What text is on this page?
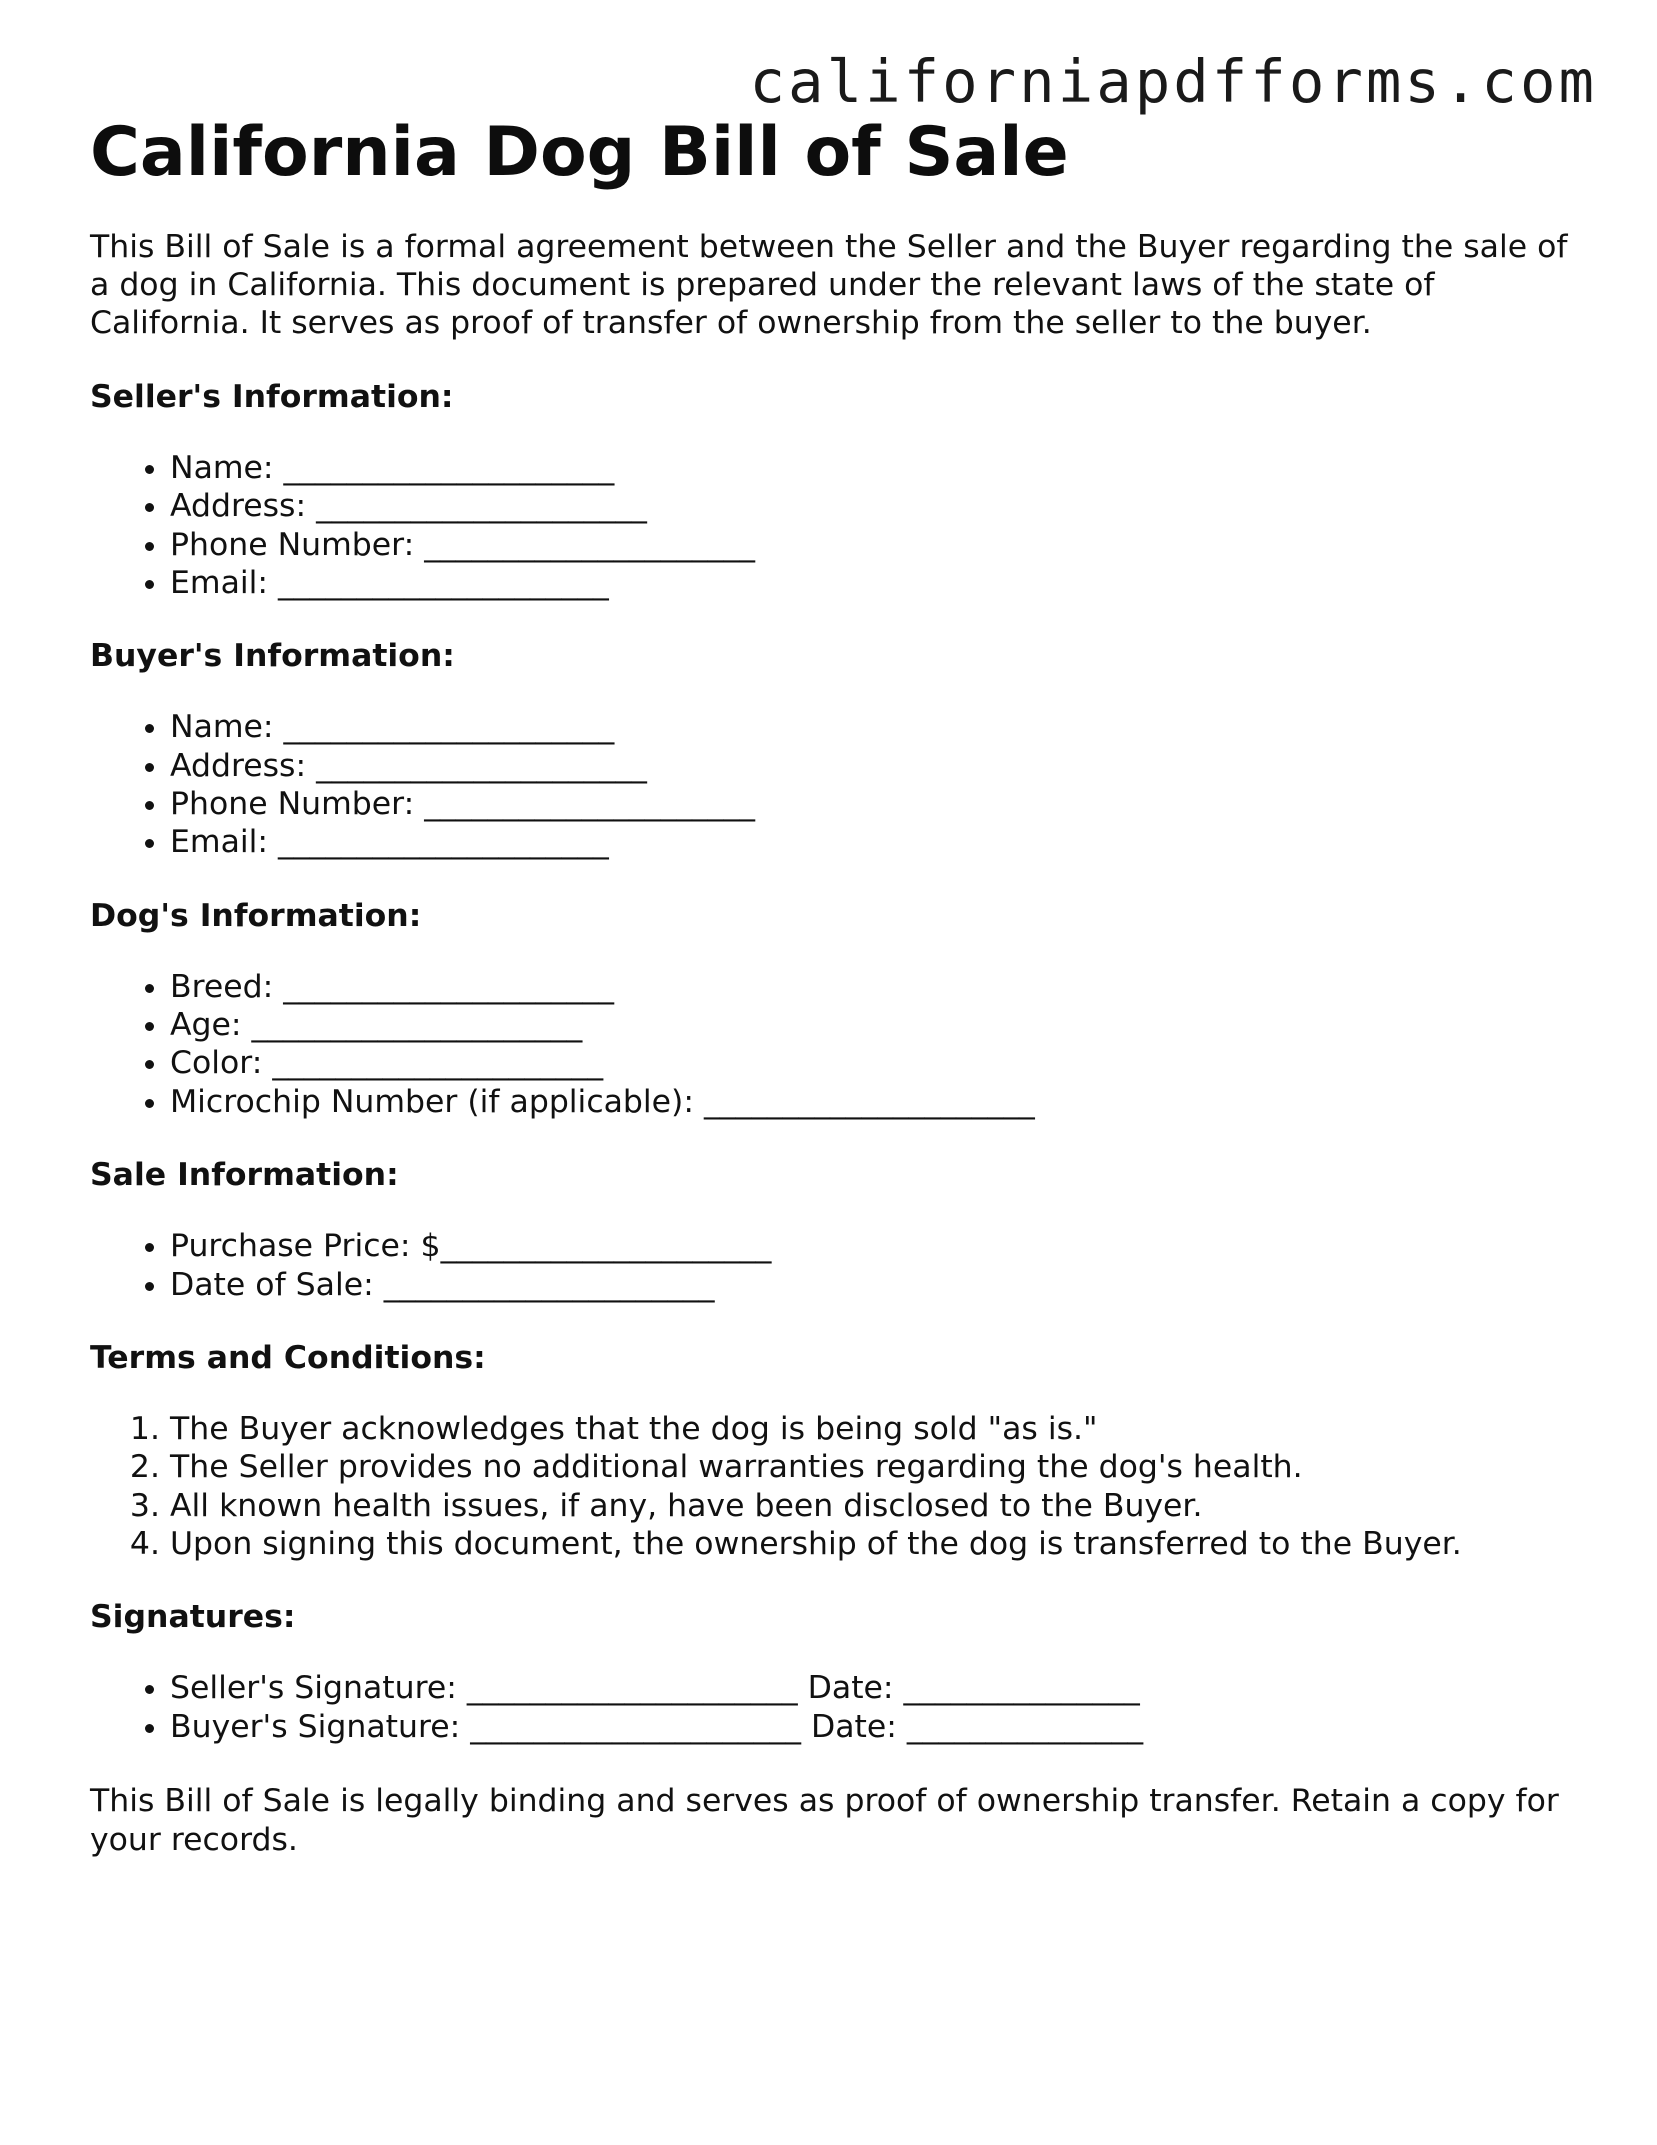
californiapdfforms.com
California Dog Bill of Sale

This Bill of Sale is a formal agreement between the Seller and the Buyer regarding the sale of a dog in California. This document is prepared under the relevant laws of the state of California. It serves as proof of transfer of ownership from the seller to the buyer.

Seller's Information:
• Name: _____________________
• Address: _____________________
• Phone Number: _____________________
• Email: _____________________
Buyer's Information:
• Name: _____________________
• Address: _____________________
• Phone Number: _____________________
• Email: _____________________
Dog's Information:
• Breed: _____________________
• Age: _____________________
• Color: _____________________
• Microchip Number (if applicable): _____________________
Sale Information:
• Purchase Price: $_____________________
• Date of Sale: _____________________
Terms and Conditions:
1. The Buyer acknowledges that the dog is being sold "as is."
2. The Seller provides no additional warranties regarding the dog's health.
3. All known health issues, if any, have been disclosed to the Buyer.
4. Upon signing this document, the ownership of the dog is transferred to the Buyer.
Signatures:
• Seller's Signature: _____________________ Date: _______________
• Buyer's Signature: _____________________ Date: _______________

This Bill of Sale is legally binding and serves as proof of ownership transfer. Retain a copy for your records.
